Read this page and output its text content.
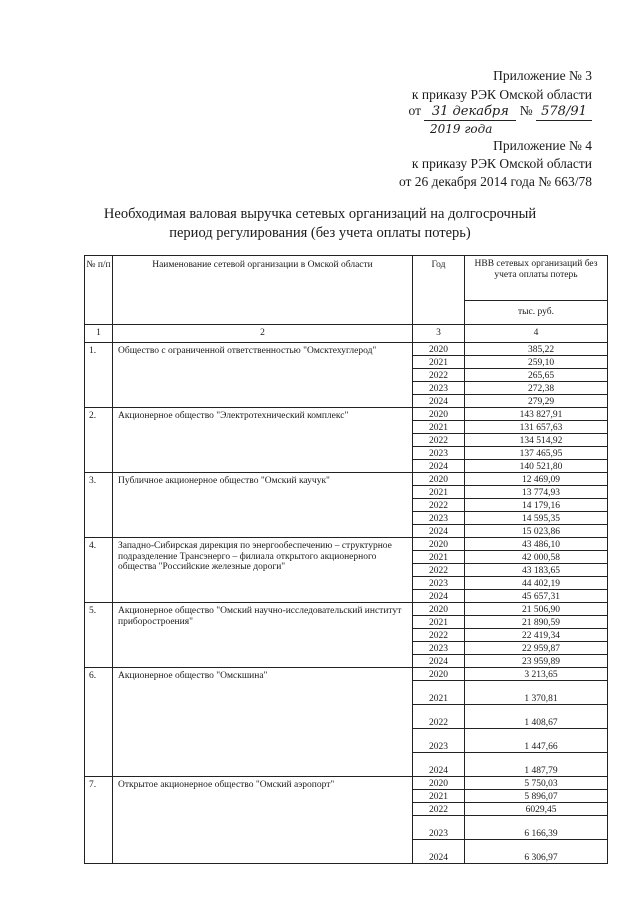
Приложение № 3
к приказу РЭК Омской области
от 31 декабря № 578/91
2019 года
Приложение № 4
к приказу РЭК Омской области
от 26 декабря 2014 года № 663/78
Необходимая валовая выручка сетевых организаций на долгосрочный
период регулирования (без учета оплаты потерь)
№ п/п	Наименование сетевой организации в Омской области	Год	НВВ сетевых организаций без учета оплаты потерь
			тыс. руб.
1	2	3	4
1.	Общество с ограниченной ответственностью "Омсктехуглерод"	2020	385,22
		2021	259,10
		2022	265,65
		2023	272,38
		2024	279,29
2.	Акционерное общество "Электротехнический комплекс"	2020	143 827,91
		2021	131 657,63
		2022	134 514,92
		2023	137 465,95
		2024	140 521,80
3.	Публичное акционерное общество "Омский каучук"	2020	12 469,09
		2021	13 774,93
		2022	14 179,16
		2023	14 595,35
		2024	15 023,86
4.	Западно-Сибирская дирекция по энергообеспечению – структурное подразделение Трансэнерго – филиала открытого акционерного общества "Российские железные дороги"	2020	43 486,10
		2021	42 000,58
		2022	43 183,65
		2023	44 402,19
		2024	45 657,31
5.	Акционерное общество "Омский научно-исследовательский институт приборостроения"	2020	21 506,90
		2021	21 890,59
		2022	22 419,34
		2023	22 959,87
		2024	23 959,89
6.	Акционерное общество "Омскшина"	2020	3 213,65
		2021	1 370,81
		2022	1 408,67
		2023	1 447,66
		2024	1 487,79
7.	Открытое акционерное общество "Омский аэропорт"	2020	5 750,03
		2021	5 896,07
		2022	6029,45
		2023	6 166,39
		2024	6 306,97
